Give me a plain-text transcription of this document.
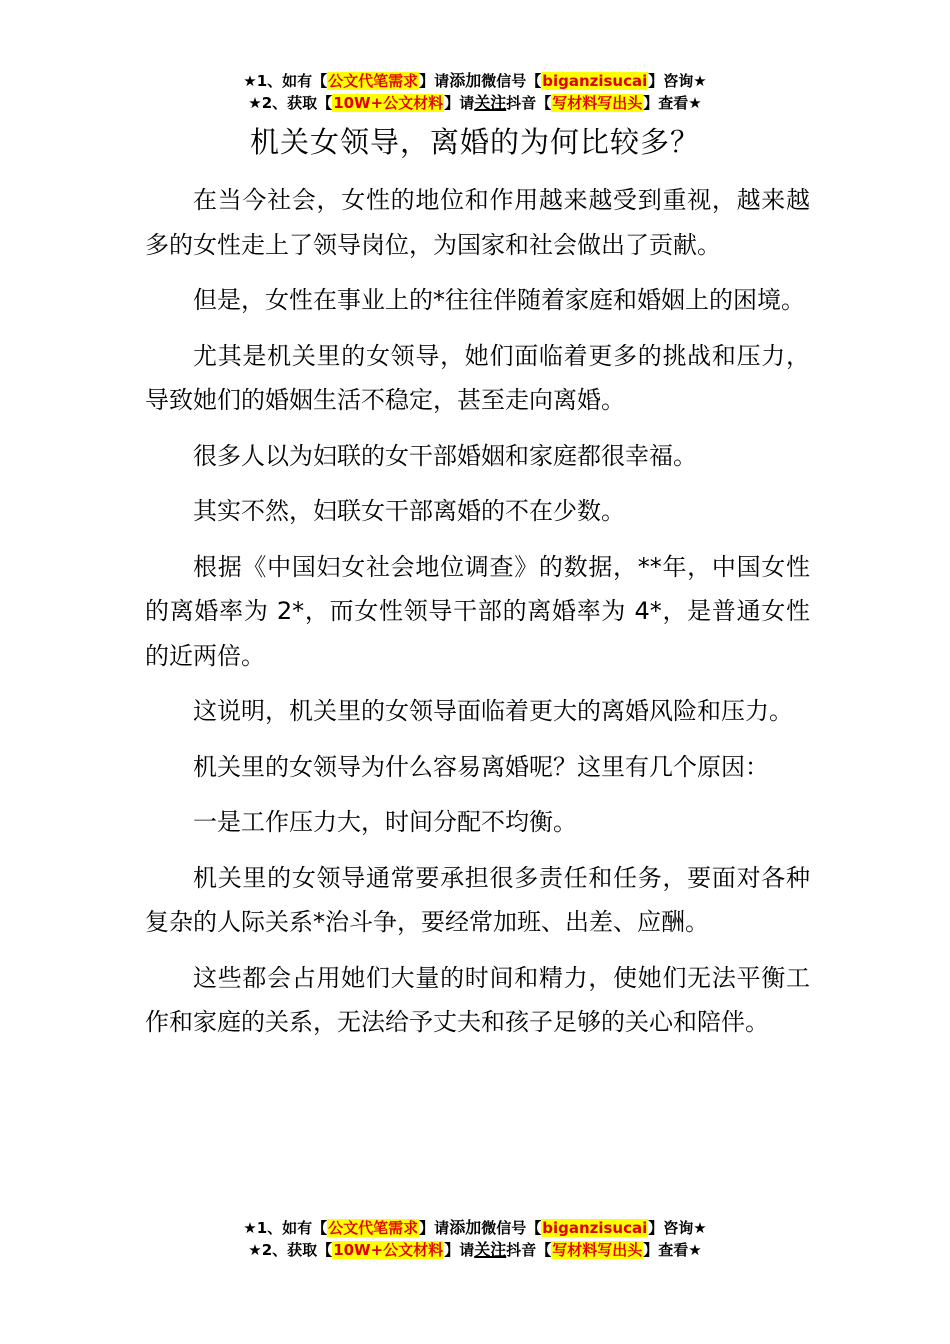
★1、如有【公文代笔需求】请添加微信号【biganzisucai】咨询★
★2、获取【10W+公文材料】请关注抖音【写材料写出头】查看★
机关女领导，离婚的为何比较多？

在当今社会，女性的地位和作用越来越受到重视，越来越多的女性走上了领导岗位，为国家和社会做出了贡献。

但是，女性在事业上的*往往伴随着家庭和婚姻上的困境。

尤其是机关里的女领导，她们面临着更多的挑战和压力，导致她们的婚姻生活不稳定，甚至走向离婚。

很多人以为妇联的女干部婚姻和家庭都很幸福。

其实不然，妇联女干部离婚的不在少数。

根据《中国妇女社会地位调查》的数据，**年，中国女性的离婚率为 2*，而女性领导干部的离婚率为 4*，是普通女性的近两倍。

这说明，机关里的女领导面临着更大的离婚风险和压力。

机关里的女领导为什么容易离婚呢？这里有几个原因：

一是工作压力大，时间分配不均衡。

机关里的女领导通常要承担很多责任和任务，要面对各种复杂的人际关系*治斗争，要经常加班、出差、应酬。

这些都会占用她们大量的时间和精力，使她们无法平衡工作和家庭的关系，无法给予丈夫和孩子足够的关心和陪伴。

★1、如有【公文代笔需求】请添加微信号【biganzisucai】咨询★
★2、获取【10W+公文材料】请关注抖音【写材料写出头】查看★
